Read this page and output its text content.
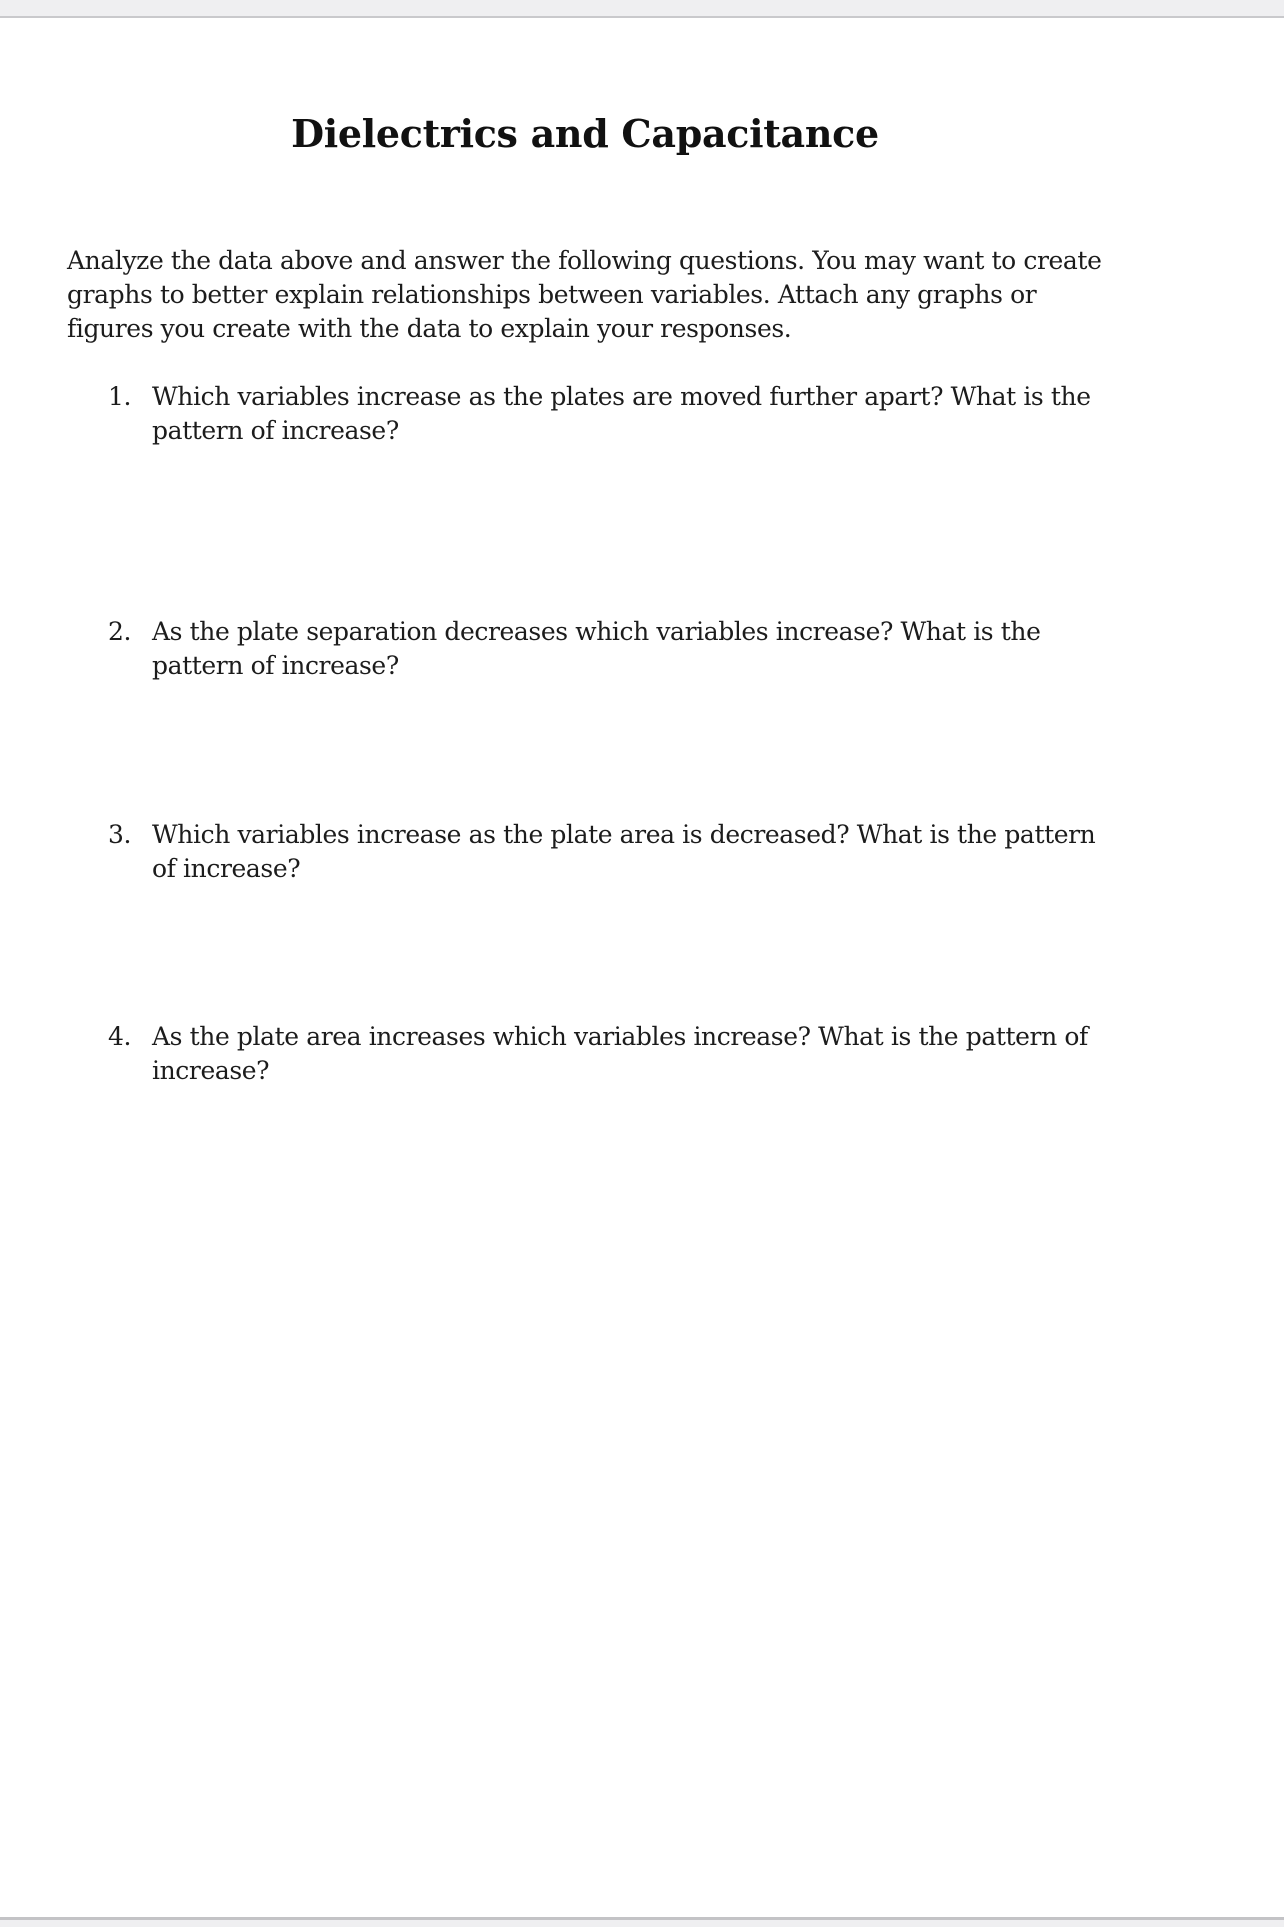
Dielectrics and Capacitance

Analyze the data above and answer the following questions. You may want to create graphs to better explain relationships between variables. Attach any graphs or figures you create with the data to explain your responses.

1. Which variables increase as the plates are moved further apart? What is the pattern of increase?
2. As the plate separation decreases which variables increase? What is the pattern of increase?
3. Which variables increase as the plate area is decreased? What is the pattern of increase?
4. As the plate area increases which variables increase? What is the pattern of increase?
